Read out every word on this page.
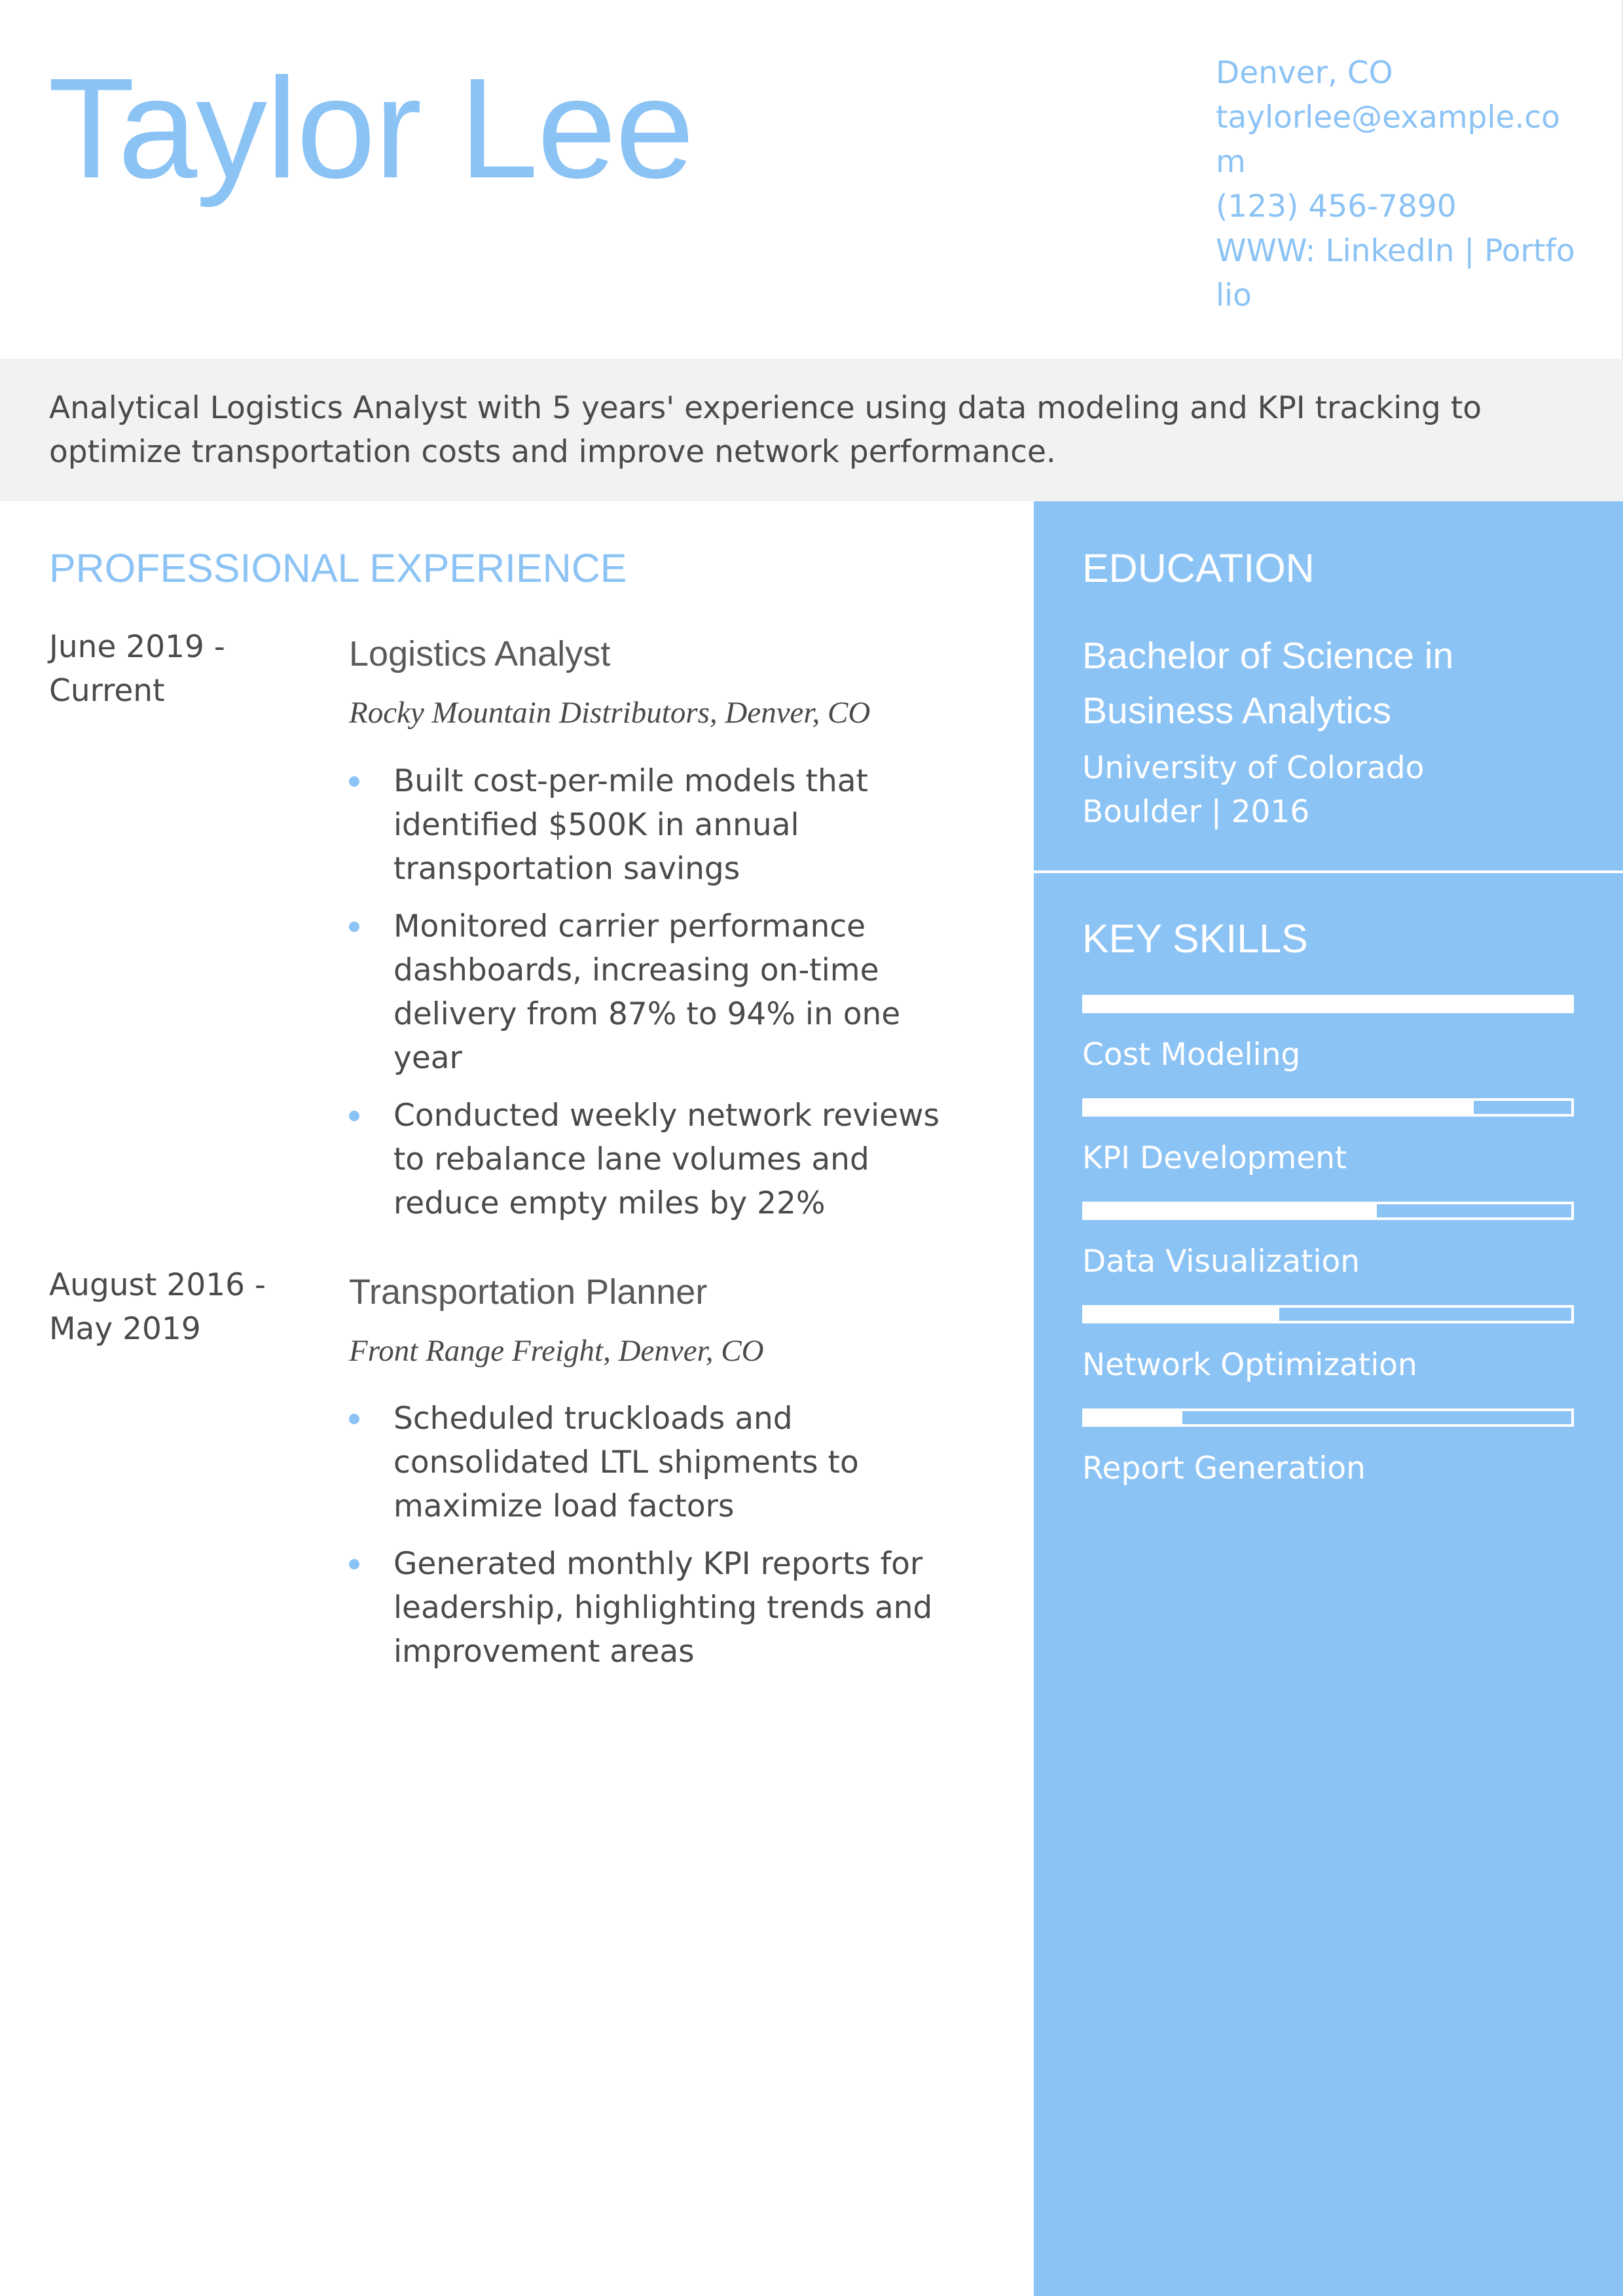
Taylor Lee	Denver, CO
taylorlee@example.com
(123) 456-7890
WWW: LinkedIn | Portfolio
Analytical Logistics Analyst with 5 years' experience using data modeling and KPI tracking to optimize transportation costs and improve network performance.
PROFESSIONAL EXPERIENCE
June 2019 - Current
Logistics Analyst
Rocky Mountain Distributors, Denver, CO
Built cost-per-mile models that identified $500K in annual transportation savings
Monitored carrier performance dashboards, increasing on-time delivery from 87% to 94% in one year
Conducted weekly network reviews to rebalance lane volumes and reduce empty miles by 22%
August 2016 - May 2019
Transportation Planner
Front Range Freight, Denver, CO
Scheduled truckloads and consolidated LTL shipments to maximize load factors
Generated monthly KPI reports for leadership, highlighting trends and improvement areas
EDUCATION
Bachelor of Science in Business Analytics
University of Colorado Boulder | 2016
KEY SKILLS
Cost Modeling
KPI Development
Data Visualization
Network Optimization
Report Generation
